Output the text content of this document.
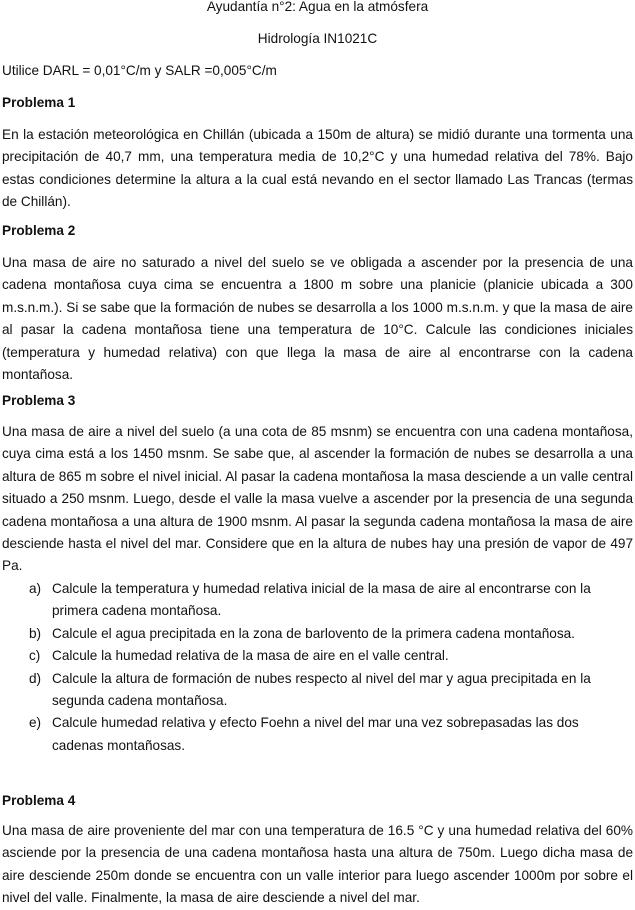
Ayudantía n°2: Agua en la atmósfera
Hidrología IN1021C
Utilice DARL = 0,01°C/m y SALR =0,005°C/m
Problema 1
En la estación meteorológica en Chillán (ubicada a 150m de altura) se midió durante una tormenta una precipitación de 40,7 mm, una temperatura media de 10,2°C y una humedad relativa del 78%. Bajo estas condiciones determine la altura a la cual está nevando en el sector llamado Las Trancas (termas de Chillán).
Problema 2
Una masa de aire no saturado a nivel del suelo se ve obligada a ascender por la presencia de una cadena montañosa cuya cima se encuentra a 1800 m sobre una planicie (planicie ubicada a 300 m.s.n.m.). Si se sabe que la formación de nubes se desarrolla a los 1000 m.s.n.m. y que la masa de aire al pasar la cadena montañosa tiene una temperatura de 10°C. Calcule las condiciones iniciales (temperatura y humedad relativa) con que llega la masa de aire al encontrarse con la cadena montañosa.
Problema 3
Una masa de aire a nivel del suelo (a una cota de 85 msnm) se encuentra con una cadena montañosa, cuya cima está a los 1450 msnm. Se sabe que, al ascender la formación de nubes se desarrolla a una altura de 865 m sobre el nivel inicial. Al pasar la cadena montañosa la masa desciende a un valle central situado a 250 msnm. Luego, desde el valle la masa vuelve a ascender por la presencia de una segunda cadena montañosa a una altura de 1900 msnm. Al pasar la segunda cadena montañosa la masa de aire desciende hasta el nivel del mar. Considere que en la altura de nubes hay una presión de vapor de 497 Pa.
a) Calcule la temperatura y humedad relativa inicial de la masa de aire al encontrarse con la primera cadena montañosa.
b) Calcule el agua precipitada en la zona de barlovento de la primera cadena montañosa.
c) Calcule la humedad relativa de la masa de aire en el valle central.
d) Calcule la altura de formación de nubes respecto al nivel del mar y agua precipitada en la segunda cadena montañosa.
e) Calcule humedad relativa y efecto Foehn a nivel del mar una vez sobrepasadas las dos cadenas montañosas.
Problema 4
Una masa de aire proveniente del mar con una temperatura de 16.5 °C y una humedad relativa del 60% asciende por la presencia de una cadena montañosa hasta una altura de 750m. Luego dicha masa de aire desciende 250m donde se encuentra con un valle interior para luego ascender 1000m por sobre el nivel del valle. Finalmente, la masa de aire desciende a nivel del mar.
